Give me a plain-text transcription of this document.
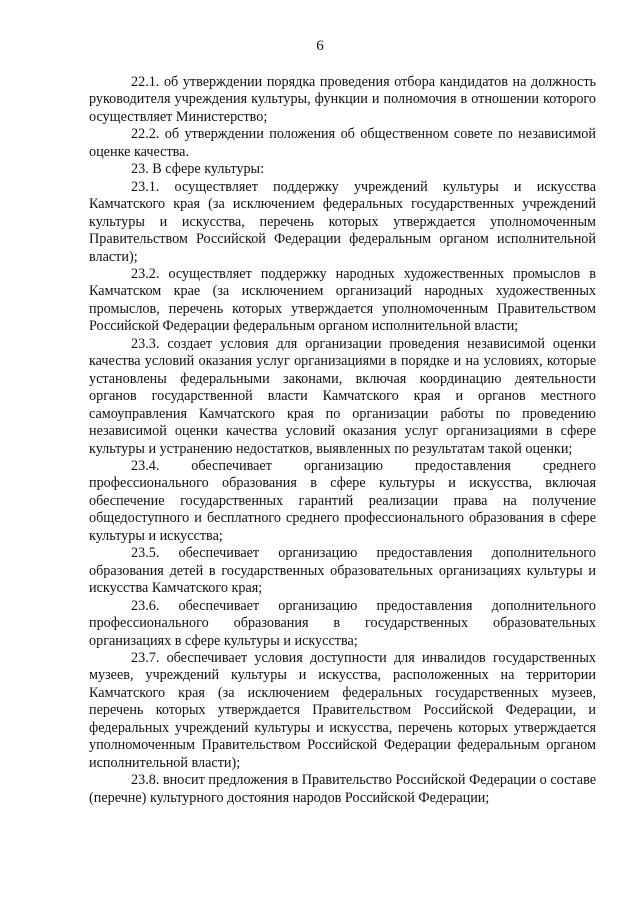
6

22.1. об утверждении порядка проведения отбора кандидатов на должность руководителя учреждения культуры, функции и полномочия в отношении которого осуществляет Министерство;

22.2. об утверждении положения об общественном совете по независимой оценке качества.

23. В сфере культуры:

23.1. осуществляет поддержку учреждений культуры и искусства Камчатского края (за исключением федеральных государственных учреждений культуры и искусства, перечень которых утверждается уполномоченным Правительством Российской Федерации федеральным органом исполнительной власти);

23.2. осуществляет поддержку народных художественных промыслов в Камчатском крае (за исключением организаций народных художественных промыслов, перечень которых утверждается уполномоченным Правительством Российской Федерации федеральным органом исполнительной власти;

23.3. создает условия для организации проведения независимой оценки качества условий оказания услуг организациями в порядке и на условиях, которые установлены федеральными законами, включая координацию деятельности органов государственной власти Камчатского края и органов местного самоуправления Камчатского края по организации работы по проведению независимой оценки качества условий оказания услуг организациями в сфере культуры и устранению недостатков, выявленных по результатам такой оценки;

23.4. обеспечивает организацию предоставления среднего профессионального образования в сфере культуры и искусства, включая обеспечение государственных гарантий реализации права на получение общедоступного и бесплатного среднего профессионального образования в сфере культуры и искусства;

23.5. обеспечивает организацию предоставления дополнительного образования детей в государственных образовательных организациях культуры и искусства Камчатского края;

23.6. обеспечивает организацию предоставления дополнительного профессионального образования в государственных образовательных организациях в сфере культуры и искусства;

23.7. обеспечивает условия доступности для инвалидов государственных музеев, учреждений культуры и искусства, расположенных на территории Камчатского края (за исключением федеральных государственных музеев, перечень которых утверждается Правительством Российской Федерации, и федеральных учреждений культуры и искусства, перечень которых утверждается уполномоченным Правительством Российской Федерации федеральным органом исполнительной власти);

23.8. вносит предложения в Правительство Российской Федерации о составе (перечне) культурного достояния народов Российской Федерации;
